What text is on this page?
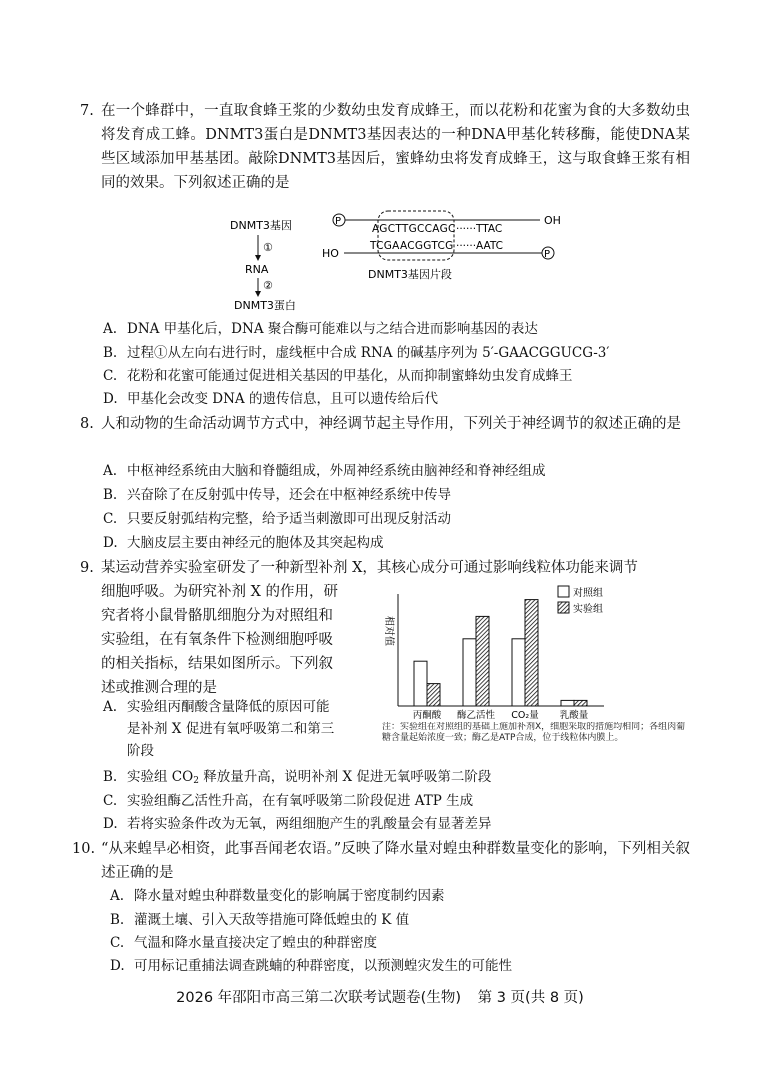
7. 在一个蜂群中，一直取食蜂王浆的少数幼虫发育成蜂王，而以花粉和花蜜为食的大多数幼虫将发育成工蜂。DNMT3蛋白是DNMT3基因表达的一种DNA甲基化转移酶，能使DNA某些区域添加甲基基团。敲除DNMT3基因后，蜜蜂幼虫将发育成蜂王，这与取食蜂王浆有相同的效果。下列叙述正确的是
DNMT3基因
①
RNA
②
DNMT3蛋白
P	OH
AGCTTGCCAGC ······TTAC
HO	P
TCGAACGGTCG ······AATC
DNMT3基因片段
A. DNA 甲基化后，DNA 聚合酶可能难以与之结合进而影响基因的表达
B. 过程①从左向右进行时，虚线框中合成 RNA 的碱基序列为 5′-GAACGGUCG-3′
C. 花粉和花蜜可能通过促进相关基因的甲基化，从而抑制蜜蜂幼虫发育成蜂王
D. 甲基化会改变 DNA 的遗传信息，且可以遗传给后代
8. 人和动物的生命活动调节方式中，神经调节起主导作用，下列关于神经调节的叙述正确的是
A. 中枢神经系统由大脑和脊髓组成，外周神经系统由脑神经和脊神经组成
B. 兴奋除了在反射弧中传导，还会在中枢神经系统中传导
C. 只要反射弧结构完整，给予适当刺激即可出现反射活动
D. 大脑皮层主要由神经元的胞体及其突起构成
9. 某运动营养实验室研发了一种新型补剂 X，其核心成分可通过影响线粒体功能来调节
细胞呼吸。为研究补剂 X 的作用，研
究者将小鼠骨骼肌细胞分为对照组和
实验组，在有氧条件下检测细胞呼吸
的相关指标，结果如图所示。下列叙
述或推测合理的是
A. 实验组丙酮酸含量降低的原因可能
是补剂 X 促进有氧呼吸第二和第三
阶段
相对值
丙酮酸 酶乙活性 CO₂量 乳酸量
对照组
实验组
注：实验组在对照组的基础上施加补剂X，细胞采取的措施均相同；各组肉葡糖含量起始浓度一致；酶乙是ATP合成，位于线粒体内膜上。
B. 实验组 $CO_2$ 释放量升高，说明补剂 X 促进无氧呼吸第二阶段
C. 实验组酶乙活性升高，在有氧呼吸第二阶段促进 ATP 生成
D. 若将实验条件改为无氧，两组细胞产生的乳酸量会有显著差异
10. “从来蝗旱必相资，此事吾闻老农语。”反映了降水量对蝗虫种群数量变化的影响，下列相关叙述正确的是
A. 降水量对蝗虫种群数量变化的影响属于密度制约因素
B. 灌溉土壤、引入天敌等措施可降低蝗虫的 K 值
C. 气温和降水量直接决定了蝗虫的种群密度
D. 可用标记重捕法调查跳蝻的种群密度，以预测蝗灾发生的可能性
2026 年邵阳市高三第二次联考试题卷(生物) 第 3 页(共 8 页)
